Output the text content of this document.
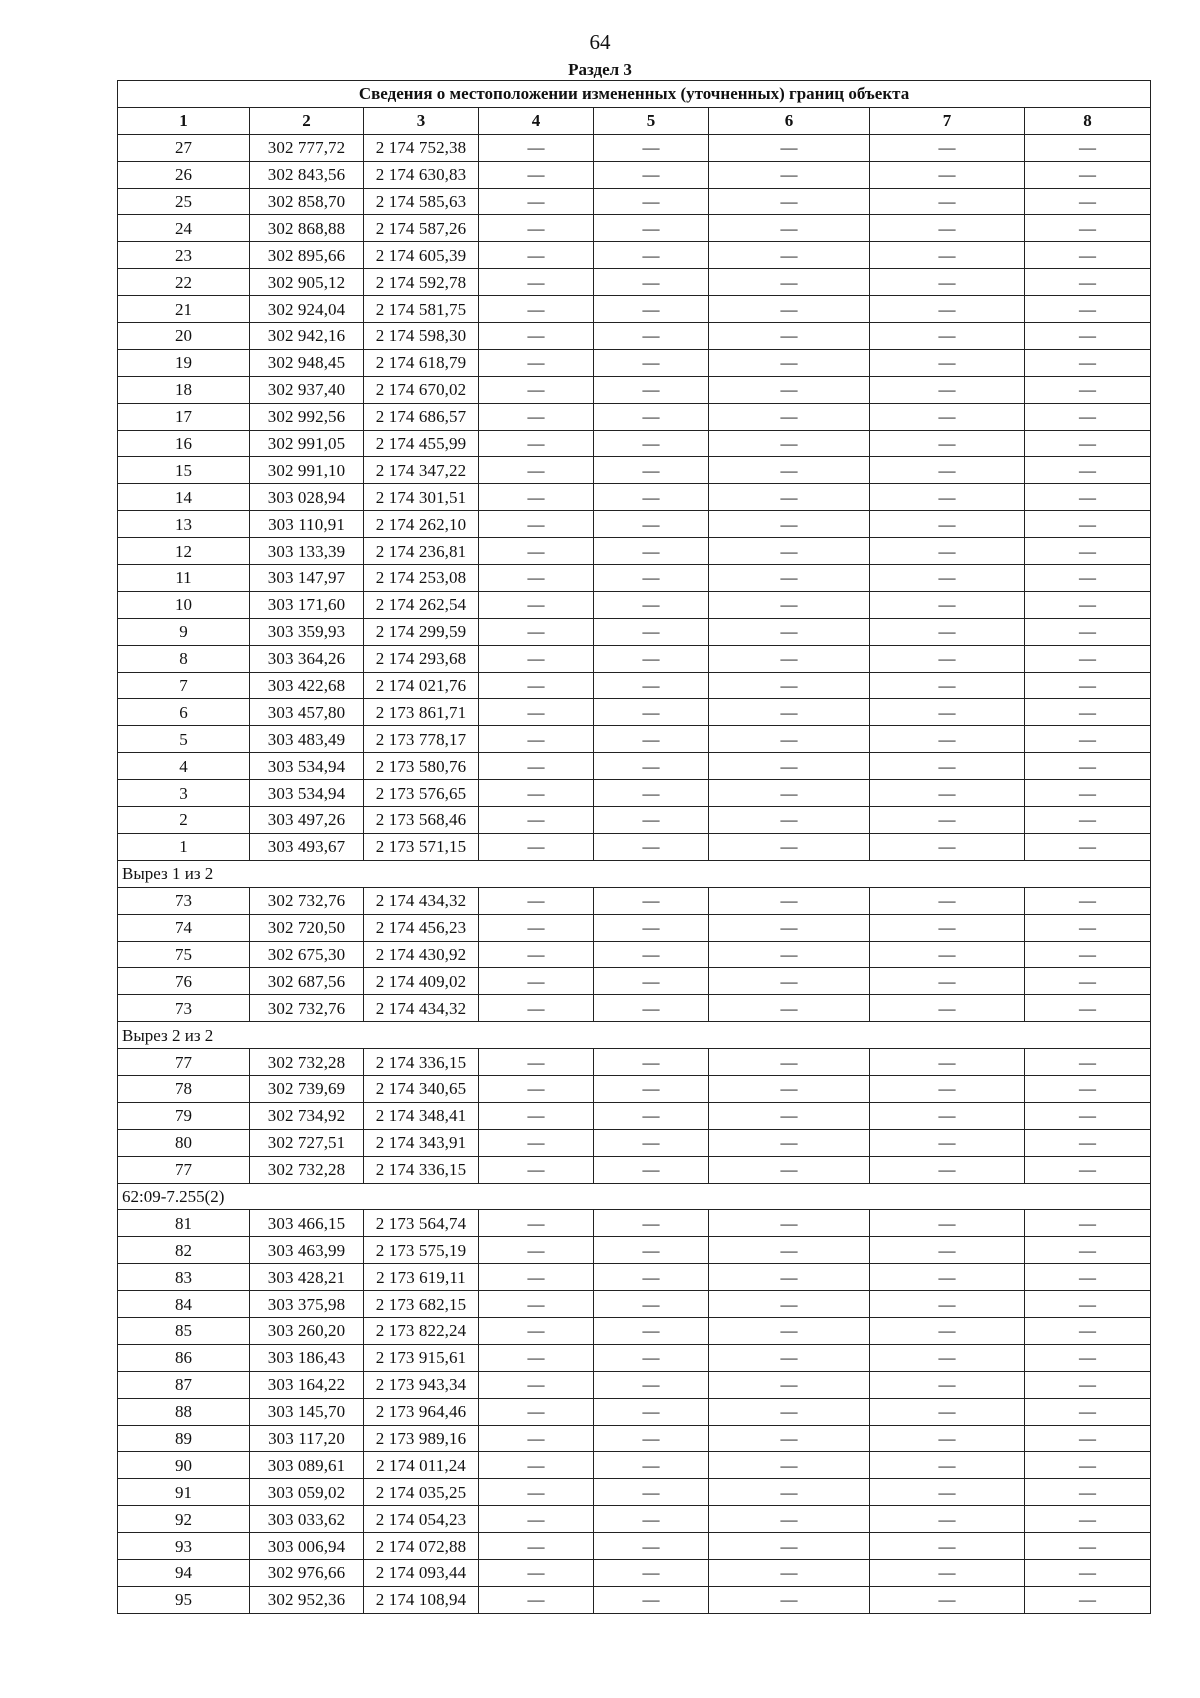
64
Раздел 3
Сведения о местоположении измененных (уточненных) границ объекта							
1	2	3	4	5	6	7	8
27	302 777,72	2 174 752,38	—	—	—	—	—
26	302 843,56	2 174 630,83	—	—	—	—	—
25	302 858,70	2 174 585,63	—	—	—	—	—
24	302 868,88	2 174 587,26	—	—	—	—	—
23	302 895,66	2 174 605,39	—	—	—	—	—
22	302 905,12	2 174 592,78	—	—	—	—	—
21	302 924,04	2 174 581,75	—	—	—	—	—
20	302 942,16	2 174 598,30	—	—	—	—	—
19	302 948,45	2 174 618,79	—	—	—	—	—
18	302 937,40	2 174 670,02	—	—	—	—	—
17	302 992,56	2 174 686,57	—	—	—	—	—
16	302 991,05	2 174 455,99	—	—	—	—	—
15	302 991,10	2 174 347,22	—	—	—	—	—
14	303 028,94	2 174 301,51	—	—	—	—	—
13	303 110,91	2 174 262,10	—	—	—	—	—
12	303 133,39	2 174 236,81	—	—	—	—	—
11	303 147,97	2 174 253,08	—	—	—	—	—
10	303 171,60	2 174 262,54	—	—	—	—	—
9	303 359,93	2 174 299,59	—	—	—	—	—
8	303 364,26	2 174 293,68	—	—	—	—	—
7	303 422,68	2 174 021,76	—	—	—	—	—
6	303 457,80	2 173 861,71	—	—	—	—	—
5	303 483,49	2 173 778,17	—	—	—	—	—
4	303 534,94	2 173 580,76	—	—	—	—	—
3	303 534,94	2 173 576,65	—	—	—	—	—
2	303 497,26	2 173 568,46	—	—	—	—	—
1	303 493,67	2 173 571,15	—	—	—	—	—
Вырез 1 из 2							
73	302 732,76	2 174 434,32	—	—	—	—	—
74	302 720,50	2 174 456,23	—	—	—	—	—
75	302 675,30	2 174 430,92	—	—	—	—	—
76	302 687,56	2 174 409,02	—	—	—	—	—
73	302 732,76	2 174 434,32	—	—	—	—	—
Вырез 2 из 2							
77	302 732,28	2 174 336,15	—	—	—	—	—
78	302 739,69	2 174 340,65	—	—	—	—	—
79	302 734,92	2 174 348,41	—	—	—	—	—
80	302 727,51	2 174 343,91	—	—	—	—	—
77	302 732,28	2 174 336,15	—	—	—	—	—
62:09-7.255(2)							
81	303 466,15	2 173 564,74	—	—	—	—	—
82	303 463,99	2 173 575,19	—	—	—	—	—
83	303 428,21	2 173 619,11	—	—	—	—	—
84	303 375,98	2 173 682,15	—	—	—	—	—
85	303 260,20	2 173 822,24	—	—	—	—	—
86	303 186,43	2 173 915,61	—	—	—	—	—
87	303 164,22	2 173 943,34	—	—	—	—	—
88	303 145,70	2 173 964,46	—	—	—	—	—
89	303 117,20	2 173 989,16	—	—	—	—	—
90	303 089,61	2 174 011,24	—	—	—	—	—
91	303 059,02	2 174 035,25	—	—	—	—	—
92	303 033,62	2 174 054,23	—	—	—	—	—
93	303 006,94	2 174 072,88	—	—	—	—	—
94	302 976,66	2 174 093,44	—	—	—	—	—
95	302 952,36	2 174 108,94	—	—	—	—	—
